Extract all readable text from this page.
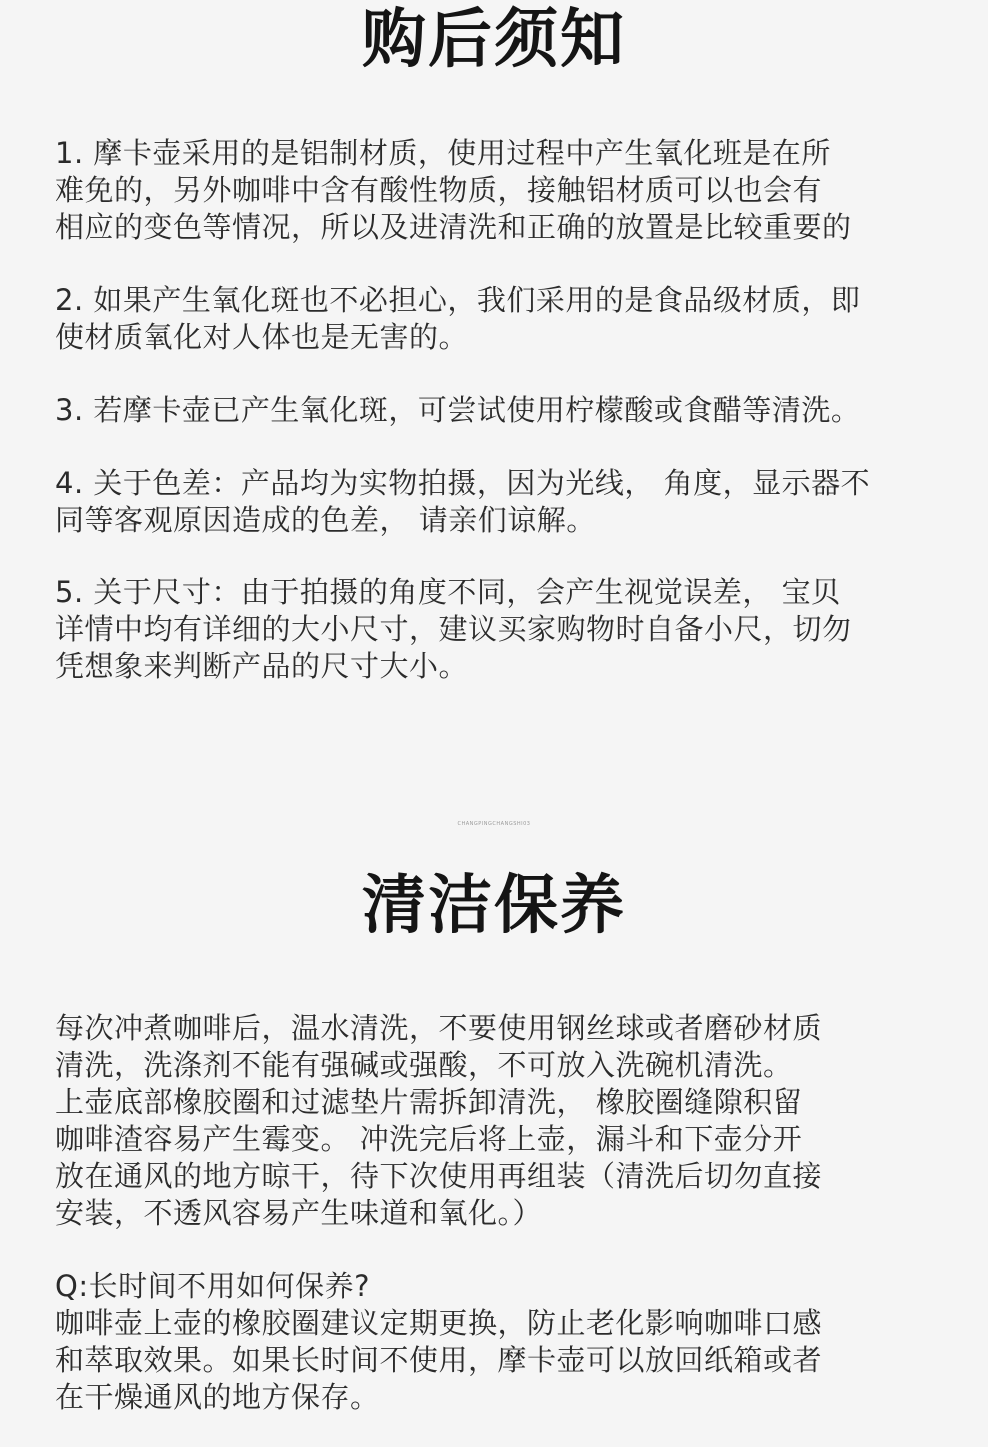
购后须知
1. 摩卡壶采用的是铝制材质，使用过程中产生氧化班是在所
难免的，另外咖啡中含有酸性物质，接触铝材质可以也会有
相应的变色等情况，所以及进清洗和正确的放置是比较重要的
2. 如果产生氧化斑也不必担心，我们采用的是食品级材质，即
使材质氧化对人体也是无害的。
3. 若摩卡壶已产生氧化斑，可尝试使用柠檬酸或食醋等清洗。
4. 关于色差：产品均为实物拍摄，因为光线， 角度，显示器不
同等客观原因造成的色差， 请亲们谅解。
5. 关于尺寸：由于拍摄的角度不同，会产生视觉误差， 宝贝
详情中均有详细的大小尺寸，建议买家购物时自备小尺，切勿
凭想象来判断产品的尺寸大小。
CHANGPINGCHANGSHI03
清洁保养
每次冲煮咖啡后，温水清洗，不要使用钢丝球或者磨砂材质
清洗，洗涤剂不能有强碱或强酸，不可放入洗碗机清洗。
上壶底部橡胶圈和过滤垫片需拆卸清洗， 橡胶圈缝隙积留
咖啡渣容易产生霉变。 冲洗完后将上壶，漏斗和下壶分开
放在通风的地方晾干，待下次使用再组装（清洗后切勿直接
安装，不透风容易产生味道和氧化。）
Q:长时间不用如何保养?
咖啡壶上壶的橡胶圈建议定期更换，防止老化影响咖啡口感
和萃取效果。如果长时间不使用，摩卡壶可以放回纸箱或者
在干燥通风的地方保存。
